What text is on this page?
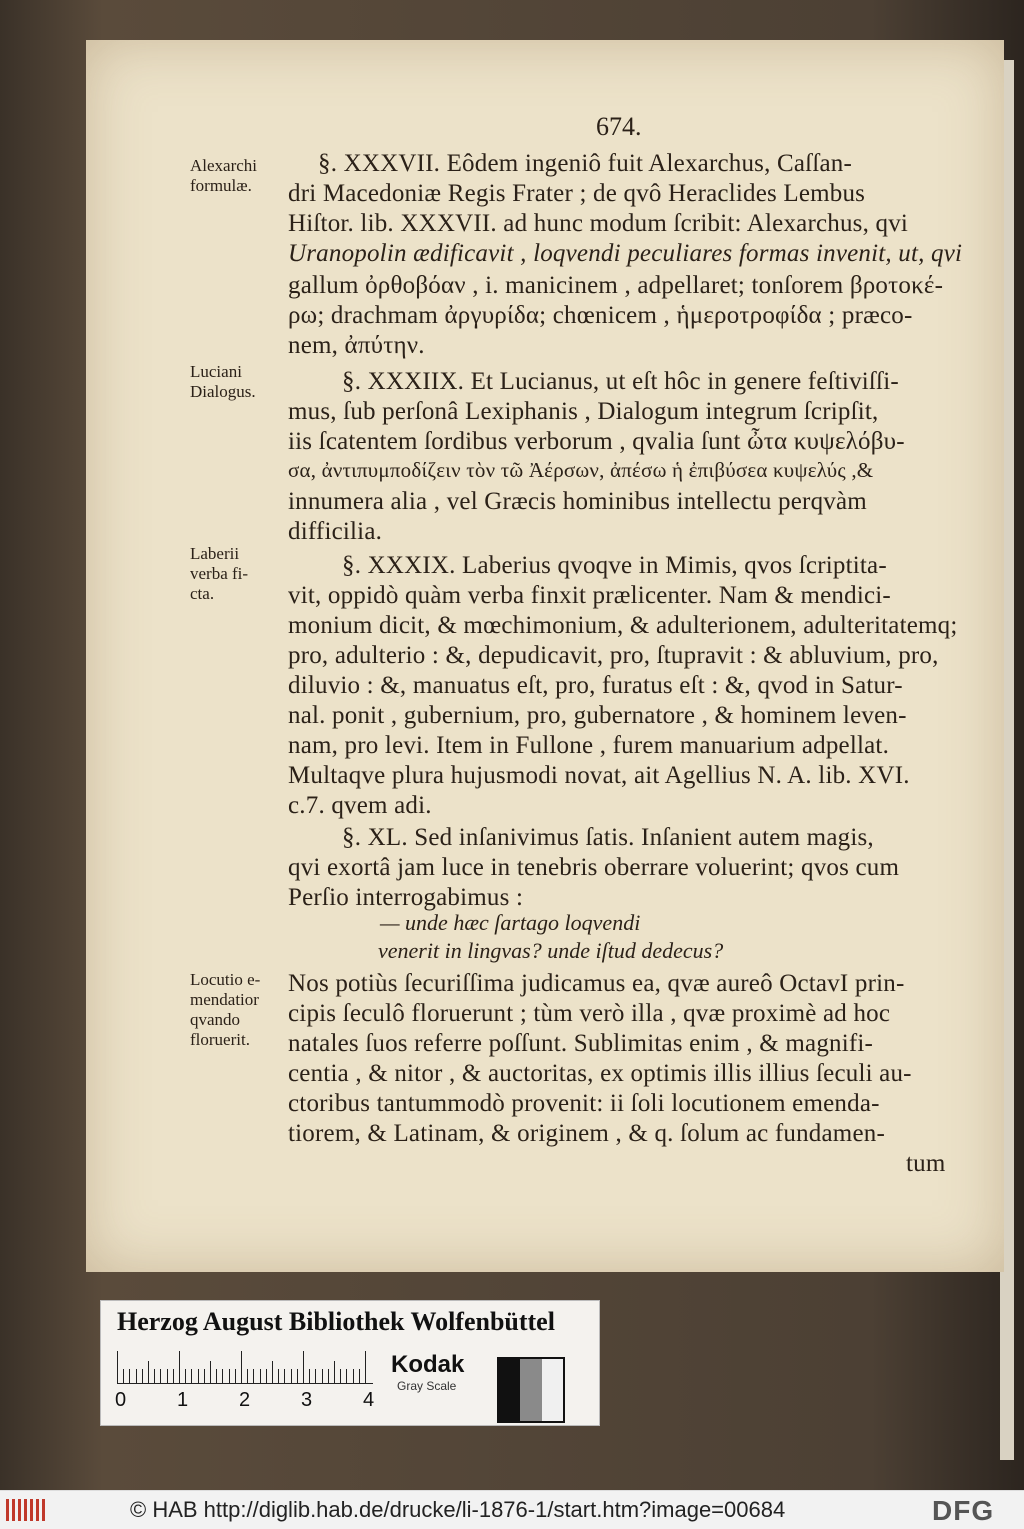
674.
Alexarchi
formulæ.
Luciani
Dialogus.
Laberii
verba fi-
cta.
Locutio e-
mendatior
qvando
floruerit.
§. XXXVII. Eôdem ingeniô fuit Alexarchus, Caſſan-
dri Macedoniæ Regis Frater ; de qvô Heraclides Lembus
Hiſtor. lib. XXXVII. ad hunc modum ſcribit: Alexarchus, qvi
Uranopolin ædificavit , loqvendi peculiares formas invenit, ut, qvi
gallum ὀρθοβόαν , i. manicinem , adpellaret; tonſorem βροτοκέ-
ρω; drachmam ἀργυρίδα; chœnicem , ἡμεροτροφίδα ; præco-
nem, ἀπύτην.
§. XXXIIX. Et Lucianus, ut eſt hôc in genere feſtiviſſi-
mus, ſub perſonâ Lexiphanis , Dialogum integrum ſcripſit,
iis ſcatentem ſordibus verborum , qvalia ſunt ὦτα κυψελόβυ-
σα, ἀντιπυμποδίζειν τὸν τῶ Ἀέρσων, ἀπέσω ἡ ἐπιβύσεα κυψελύς ,&
innumera alia , vel Græcis hominibus intellectu perqvàm
difficilia.
§. XXXIX. Laberius qvoqve in Mimis, qvos ſcriptita-
vit, oppidò quàm verba finxit prælicenter. Nam & mendici-
monium dicit, & mœchimonium, & adulterionem, adulteritatemq;
pro, adulterio : &, depudicavit, pro, ſtupravit : & abluvium, pro,
diluvio : &, manuatus eſt, pro, furatus eſt : &, qvod in Satur-
nal. ponit , gubernium, pro, gubernatore , & hominem leven-
nam, pro levi. Item in Fullone , furem manuarium adpellat.
Multaqve plura hujusmodi novat, ait Agellius N. A. lib. XVI.
c.7. qvem adi.
§. XL. Sed inſanivimus ſatis. Inſanient autem magis,
qvi exortâ jam luce in tenebris oberrare voluerint; qvos cum
Perſio interrogabimus :
— unde hæc ſartago loqvendi
venerit in lingvas? unde iſtud dedecus?
Nos potiùs ſecuriſſima judicamus ea, qvæ aureô OctavI prin-
cipis ſeculô floruerunt ; tùm verò illa , qvæ proximè ad hoc
natales ſuos referre poſſunt. Sublimitas enim , & magnifi-
centia , & nitor , & auctoritas, ex optimis illis illius ſeculi au-
ctoribus tantummodò provenit: ii ſoli locutionem emenda-
tiorem, & Latinam, & originem , & q. ſolum ac fundamen-
tum
Herzog August Bibliothek Wolfenbüttel
0	1	2	3	4
Kodak
Gray Scale
© HAB http://diglib.hab.de/drucke/li-1876-1/start.htm?image=00684	DFG
